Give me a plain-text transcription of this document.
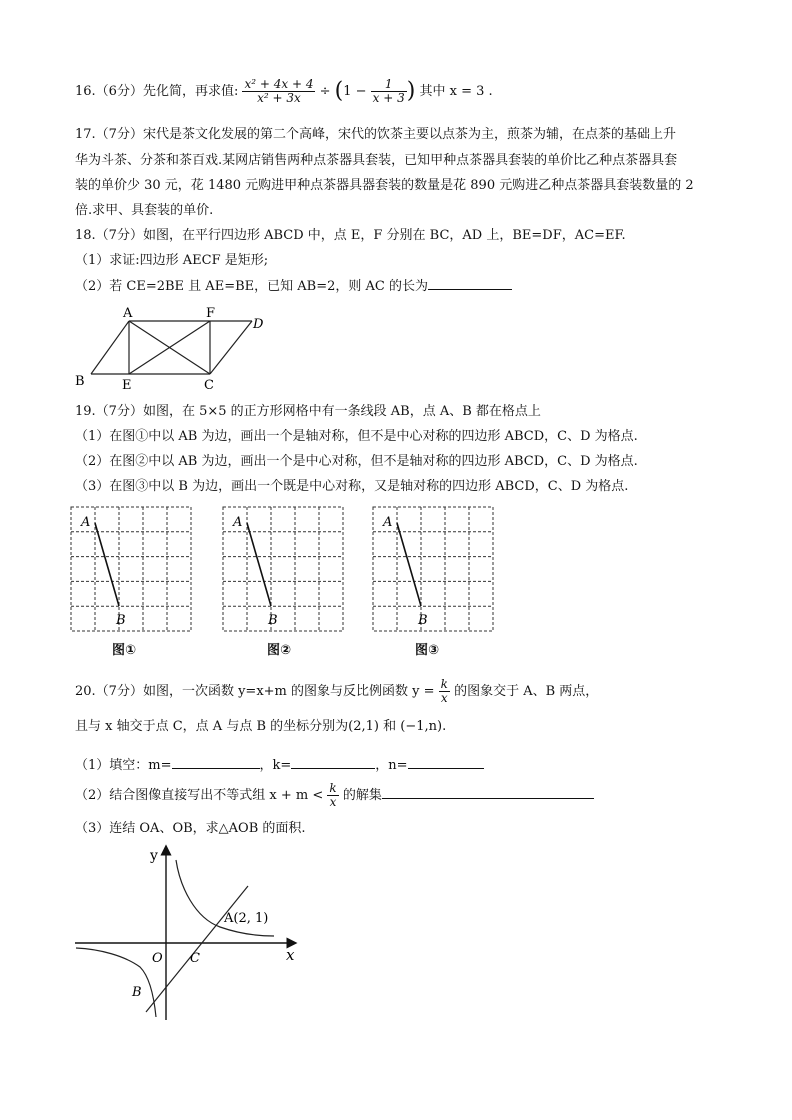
16.（6分）先化简，再求值: $\frac{\text{x² + 4x + 4}}{\text{x² + 3x}} \div (1 - \frac{1}{x + 3}$ ) 其中 x = 3 .
17.（7分）宋代是茶文化发展的第二个高峰，宋代的饮茶主要以点茶为主，煎茶为辅，在点茶的基础上升
华为斗茶、分茶和茶百戏.某网店销售两种点茶器具套装，已知甲种点茶器具套装的单价比乙种点茶器具套
装的单价少 30 元，花 1480 元购进甲种点茶器具器套装的数量是花 890 元购进乙种点茶器具套装数量的 2
倍.求甲、具套装的单价.
18.（7分）如图，在平行四边形 ABCD 中，点 E，F 分别在 BC，AD 上，BE=DF，AC=EF.
（1）求证:四边形 AECF 是矩形;
（2）若 CE=2BE 且 AE=BE，已知 AB=2，则 AC 的长为
A	F
D
B	E	C
19.（7分）如图，在 5×5 的正方形网格中有一条线段 AB，点 A、B 都在格点上
（1）在图①中以 AB 为边，画出一个是轴对称，但不是中心对称的四边形 ABCD，C、D 为格点.
（2）在图②中以 AB 为边，画出一个是中心对称，但不是轴对称的四边形 ABCD，C、D 为格点.
（3）在图③中以 B 为边，画出一个既是中心对称，又是轴对称的四边形 ABCD，C、D 为格点.
A
B
A
B
A
B
图①	图②	图③
20.（7分）如图，一次函数 y=x+m 的图象与反比例函数 $y = \frac{k}{x}$ 的图象交于 A、B 两点，
且与 x 轴交于点 C，点 A 与点 B 的坐标分别为(2,1) 和 (−1,n).
（1）填空：m=	，k=	，n=
（2）结合图像直接写出不等式组 $x + m < \frac{k}{x}$ 的解集
（3）连结 OA、OB，求△AOB 的面积.
y
x
O C
B
A(2, 1)
